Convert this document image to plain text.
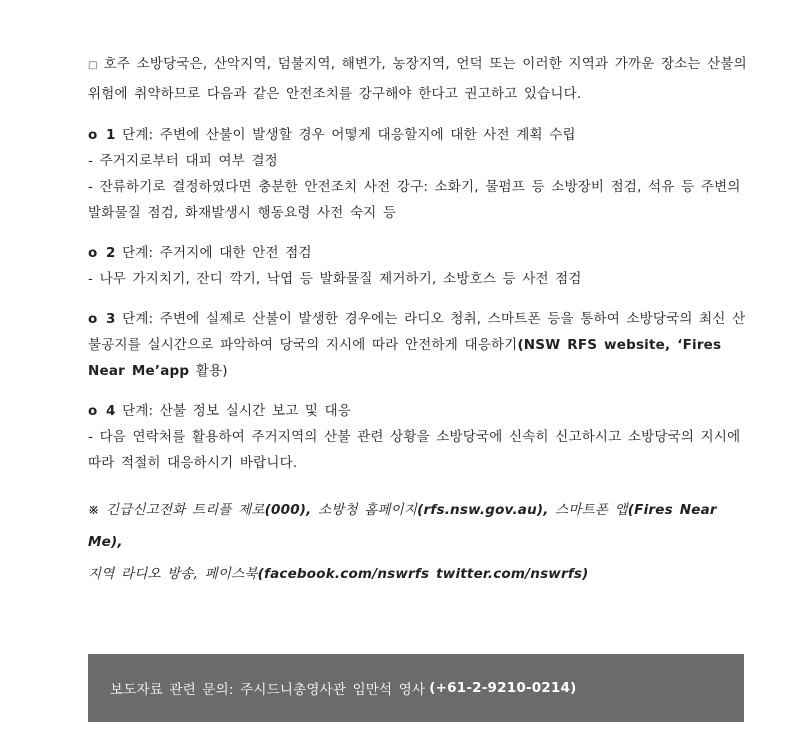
□ 호주 소방당국은, 산악지역, 덤불지역, 해변가, 농장지역, 언덕 또는 이러한 지역과 가까운 장소는 산불의 위험에 취약하므로 다음과 같은 안전조치를 강구해야 한다고 권고하고 있습니다.

o 1 단계: 주변에 산불이 발생할 경우 어떻게 대응할지에 대한 사전 계획 수립

- 주거지로부터 대피 여부 결정

- 잔류하기로 결정하였다면 충분한 안전조치 사전 강구: 소화기, 물펌프 등 소방장비 점검, 석유 등 주변의 발화물질 점검, 화재발생시 행동요령 사전 숙지 등

o 2 단계: 주거지에 대한 안전 점검

- 나무 가지치기, 잔디 깍기, 낙엽 등 발화물질 제거하기, 소방호스 등 사전 점검

o 3 단계: 주변에 실제로 산불이 발생한 경우에는 라디오 청취, 스마트폰 등을 통하여 소방당국의 최신 산불공지를 실시간으로 파악하여 당국의 지시에 따라 안전하게 대응하기(NSW RFS website, ‘Fires Near Me’app 활용)

o 4 단계: 산불 정보 실시간 보고 및 대응

- 다음 연락처를 활용하여 주거지역의 산불 관련 상황을 소방당국에 신속히 신고하시고 소방당국의 지시에 따라 적절히 대응하시기 바랍니다.

※ 긴급신고전화 트리플 제로(000), 소방청 홈페이지(rfs.nsw.gov.au), 스마트폰 앱(Fires Near Me),
지역 라디오 방송, 페이스북(facebook.com/nswrfs twitter.com/nswrfs)
보도자료 관련 문의: 주시드니총영사관 임만석 영사 (+61-2-9210-0214)
